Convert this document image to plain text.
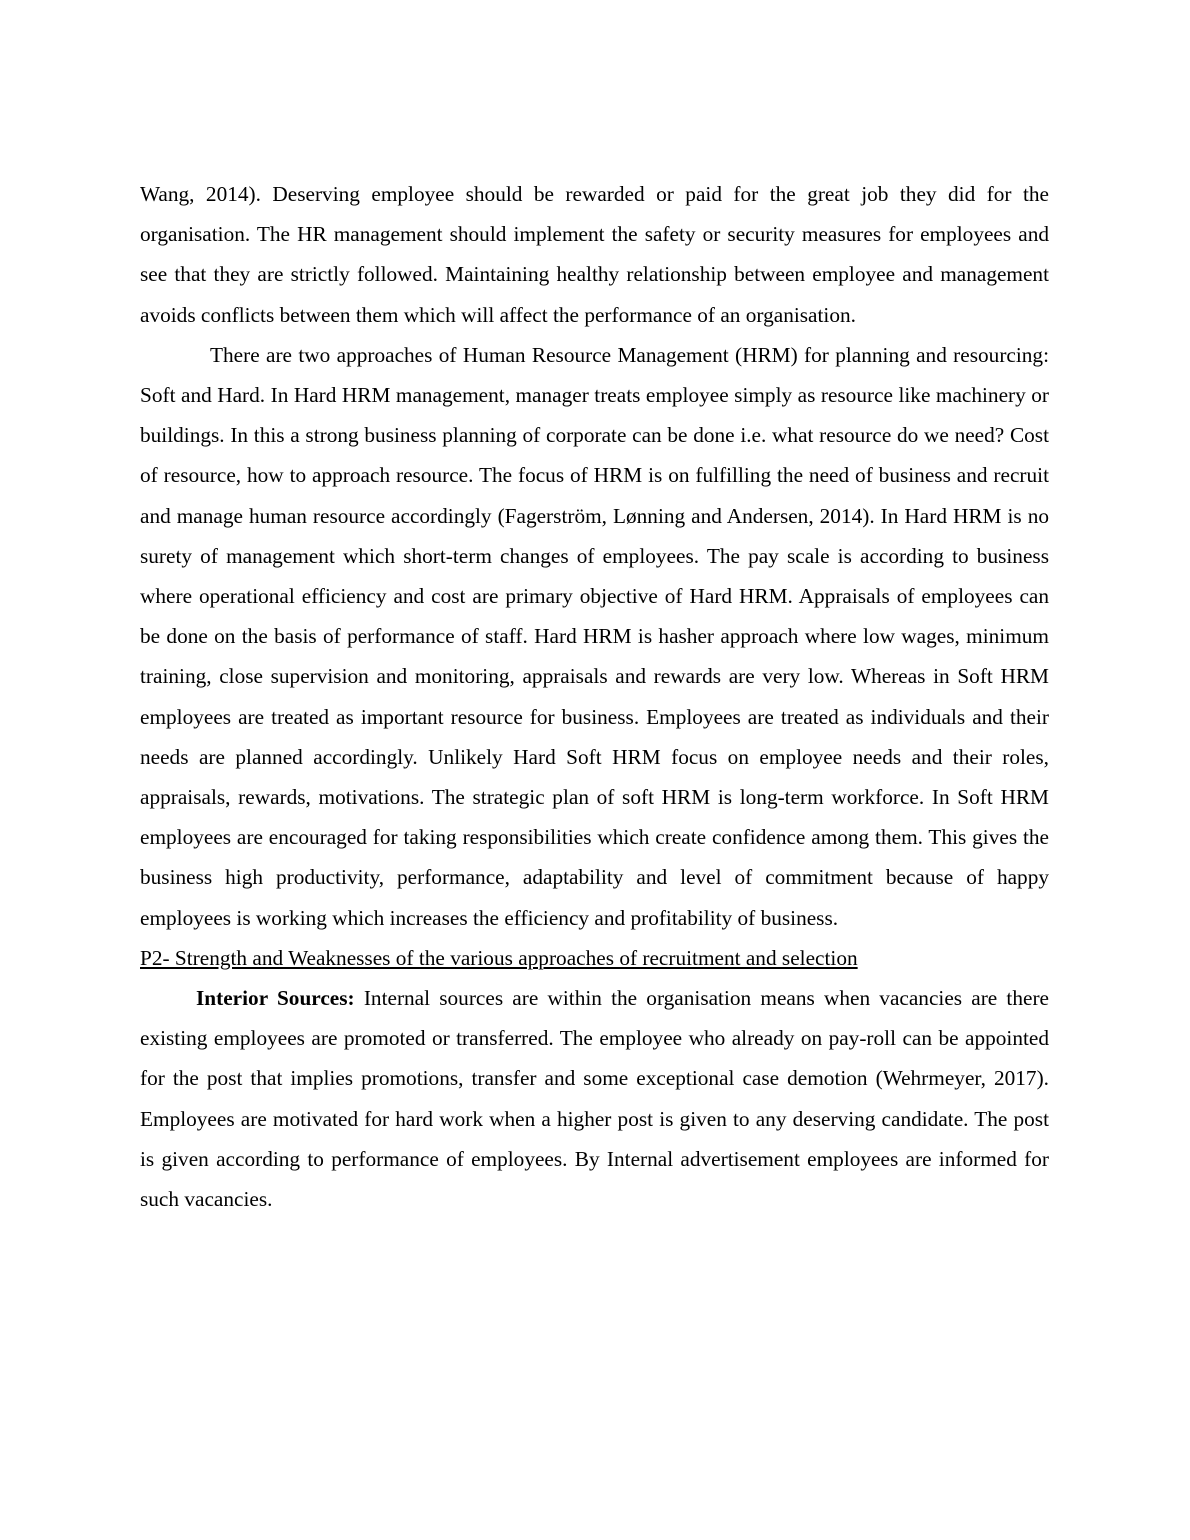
Wang, 2014). Deserving employee should be rewarded or paid for the great job they did for the organisation. The HR management should implement the safety or security measures for employees and see that they are strictly followed. Maintaining healthy relationship between employee and management avoids conflicts between them which will affect the performance of an organisation.

There are two approaches of Human Resource Management (HRM) for planning and resourcing: Soft and Hard. In Hard HRM management, manager treats employee simply as resource like machinery or buildings. In this a strong business planning of corporate can be done i.e. what resource do we need? Cost of resource, how to approach resource. The focus of HRM is on fulfilling the need of business and recruit and manage human resource accordingly (Fagerström, Lønning and Andersen, 2014). In Hard HRM is no surety of management which short-term changes of employees. The pay scale is according to business where operational efficiency and cost are primary objective of Hard HRM. Appraisals of employees can be done on the basis of performance of staff. Hard HRM is hasher approach where low wages, minimum training, close supervision and monitoring, appraisals and rewards are very low. Whereas in Soft HRM employees are treated as important resource for business. Employees are treated as individuals and their needs are planned accordingly. Unlikely Hard Soft HRM focus on employee needs and their roles, appraisals, rewards, motivations. The strategic plan of soft HRM is long-term workforce. In Soft HRM employees are encouraged for taking responsibilities which create confidence among them. This gives the business high productivity, performance, adaptability and level of commitment because of happy employees is working which increases the efficiency and profitability of business.

P2- Strength and Weaknesses of the various approaches of recruitment and selection

Interior Sources: Internal sources are within the organisation means when vacancies are there existing employees are promoted or transferred. The employee who already on pay-roll can be appointed for the post that implies promotions, transfer and some exceptional case demotion (Wehrmeyer, 2017). Employees are motivated for hard work when a higher post is given to any deserving candidate. The post is given according to performance of employees. By Internal advertisement employees are informed for such vacancies.
